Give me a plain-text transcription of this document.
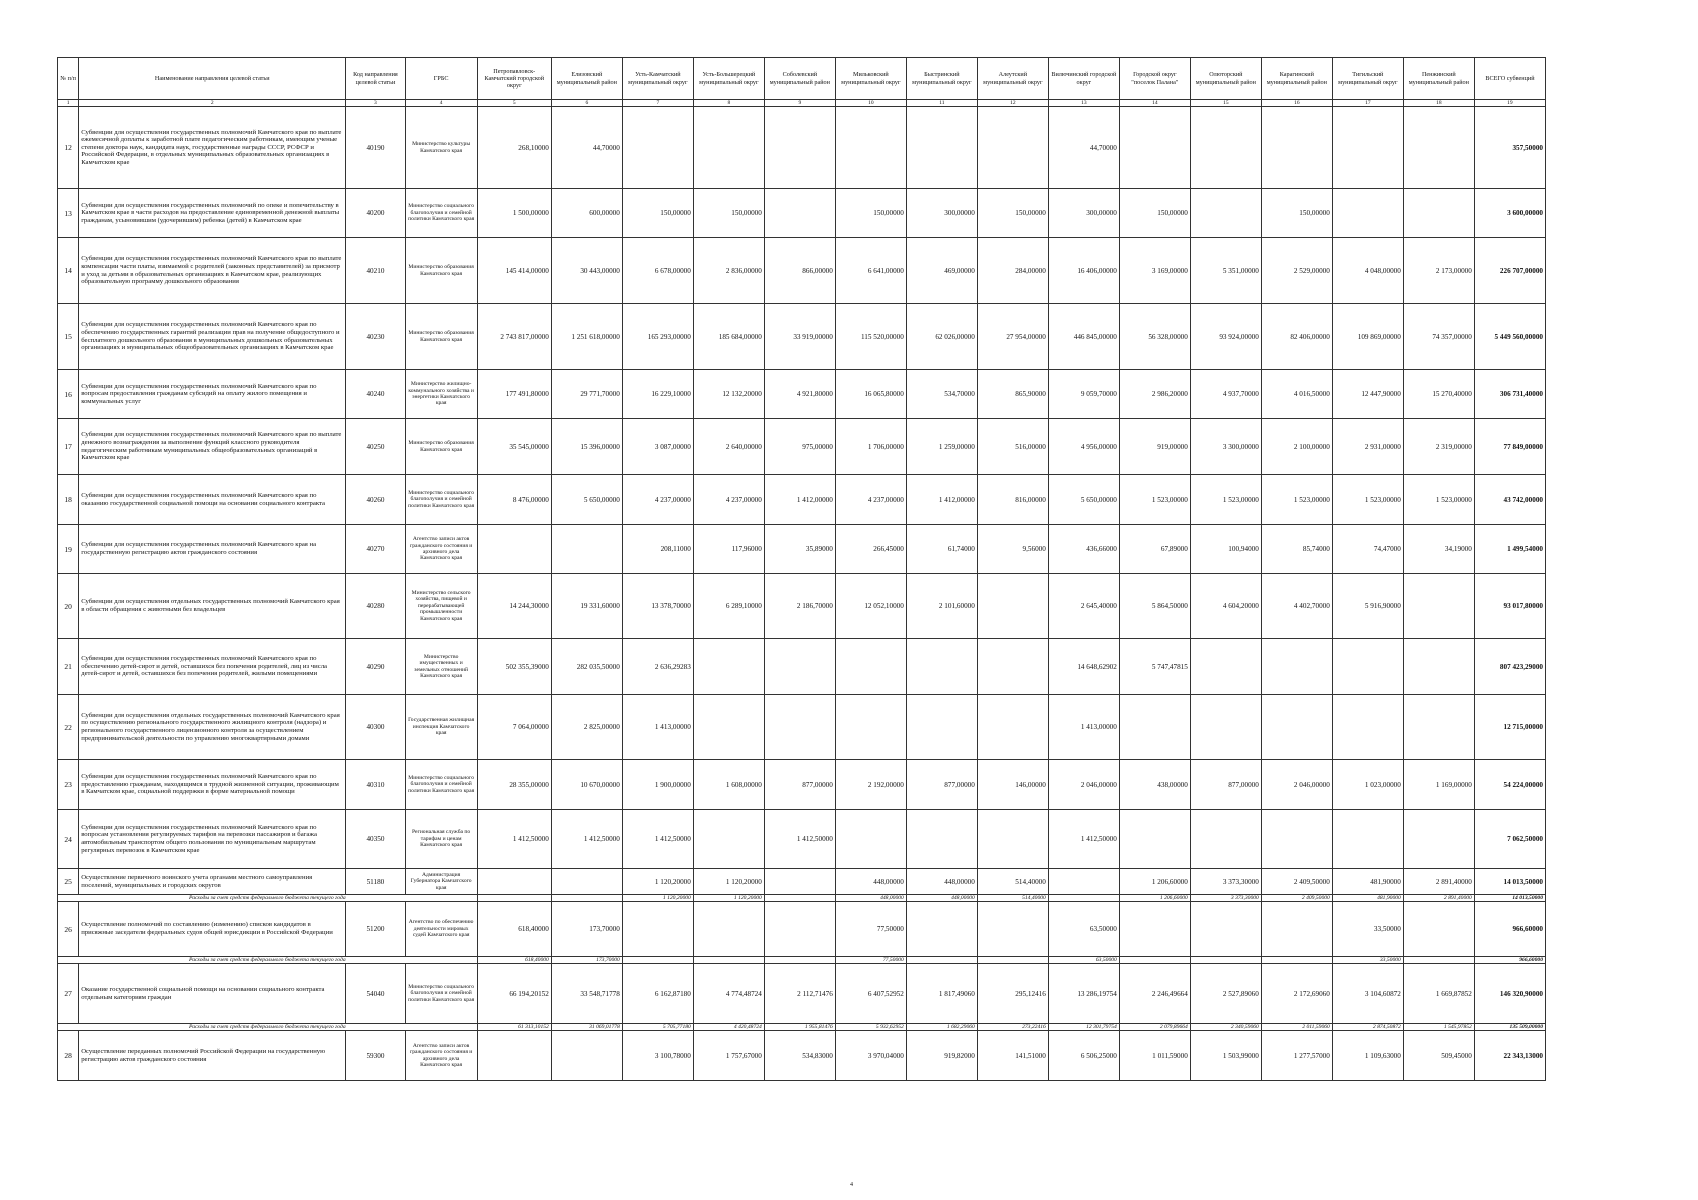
№ п/п	Наименование направления целевой статьи	Код направления целевой статьи	ГРБС	Петропавловск-Камчатский городской округ	Елизовский муниципальный район	Усть-Камчатский муниципальный округ	Усть-Большерецкий муниципальный округ	Соболевский муниципальный район	Мильковский муниципальный округ	Быстринский муниципальный округ	Алеутский муниципальный округ	Вилючинский городской округ	Городской округ "поселок Палана"	Олюторский муниципальный район	Карагинский муниципальный район	Тигильский муниципальный округ	Пенжинский муниципальный район	ВСЕГО субвенций
1	2	3	4	5	6	7	8	9	10	11	12	13	14	15	16	17	18	19
12	Субвенции для осуществления государственных полномочий Камчатского края по выплате ежемесячной доплаты к заработной плате педагогическим работникам, имеющим ученые степени доктора наук, кандидата наук, государственные награды СССР, РСФСР и Российской Федерации, в отдельных муниципальных образовательных организациях в Камчатском крае	40190	Министерство культуры Камчатского края	268,10000	44,70000							44,70000						357,50000
13	Субвенции для осуществления государственных полномочий по опеке и попечительству в Камчатском крае в части расходов на предоставление единовременной денежной выплаты гражданам, усыновившим (удочерившим) ребенка (детей) в Камчатском крае	40200	Министерство социального благополучия и семейной политики Камчатского края	1 500,00000	600,00000	150,00000	150,00000		150,00000	300,00000	150,00000	300,00000	150,00000		150,00000			3 600,00000
14	Субвенции для осуществления государственных полномочий Камчатского края по выплате компенсации части платы, взимаемой с родителей (законных представителей) за присмотр и уход за детьми в образовательных организациях в Камчатском крае, реализующих образовательную программу дошкольного образования	40210	Министерство образования Камчатского края	145 414,00000	30 443,00000	6 678,00000	2 836,00000	866,00000	6 641,00000	469,00000	284,00000	16 406,00000	3 169,00000	5 351,00000	2 529,00000	4 048,00000	2 173,00000	226 707,00000
15	Субвенции для осуществления государственных полномочий Камчатского края по обеспечению государственных гарантий реализации прав на получение общедоступного и бесплатного дошкольного образования в муниципальных дошкольных образовательных организациях и муниципальных общеобразовательных организациях в Камчатском крае	40230	Министерство образования Камчатского края	2 743 817,00000	1 251 618,00000	165 293,00000	185 684,00000	33 919,00000	115 520,00000	62 026,00000	27 954,00000	446 845,00000	56 328,00000	93 924,00000	82 406,00000	109 869,00000	74 357,00000	5 449 560,00000
16	Субвенции для осуществления государственных полномочий Камчатского края по вопросам предоставления гражданам субсидий на оплату жилого помещения и коммунальных услуг	40240	Министерство жилищно-коммунального хозяйства и энергетики Камчатского края	177 491,80000	29 771,70000	16 229,10000	12 132,20000	4 921,80000	16 065,80000	534,70000	865,90000	9 059,70000	2 986,20000	4 937,70000	4 016,50000	12 447,90000	15 270,40000	306 731,40000
17	Субвенции для осуществления государственных полномочий Камчатского края по выплате денежного вознаграждения за выполнение функций классного руководителя педагогическим работникам муниципальных общеобразовательных организаций в Камчатском крае	40250	Министерство образования Камчатского края	35 545,00000	15 396,00000	3 087,00000	2 640,00000	975,00000	1 706,00000	1 259,00000	516,00000	4 956,00000	919,00000	3 300,00000	2 100,00000	2 931,00000	2 319,00000	77 849,00000
18	Субвенции для осуществления государственных полномочий Камчатского края по оказанию государственной социальной помощи на основании социального контракта	40260	Министерство социального благополучия и семейной политики Камчатского края	8 476,00000	5 650,00000	4 237,00000	4 237,00000	1 412,00000	4 237,00000	1 412,00000	816,00000	5 650,00000	1 523,00000	1 523,00000	1 523,00000	1 523,00000	1 523,00000	43 742,00000
19	Субвенции для осуществления государственных полномочий Камчатского края на государственную регистрацию актов гражданского состояния	40270	Агентство записи актов гражданского состояния и архивного дела Камчатского края			208,11000	117,96000	35,89000	266,45000	61,74000	9,56000	436,66000	67,89000	100,94000	85,74000	74,47000	34,19000	1 499,54000
20	Субвенции для осуществления отдельных государственных полномочий Камчатского края в области обращения с животными без владельцев	40280	Министерство сельского хозяйства, пищевой и перерабатывающей промышленности Камчатского края	14 244,30000	19 331,60000	13 378,70000	6 289,10000	2 186,70000	12 052,10000	2 101,60000		2 645,40000	5 864,50000	4 604,20000	4 402,70000	5 916,90000		93 017,80000
21	Субвенции для осуществления государственных полномочий Камчатского края по обеспечению детей-сирот и детей, оставшихся без попечения родителей, лиц из числа детей-сирот и детей, оставшихся без попечения родителей, жилыми помещениями	40290	Министерство имущественных и земельных отношений Камчатского края	502 355,39000	282 035,50000	2 636,29283						14 648,62902	5 747,47815					807 423,29000
22	Субвенции для осуществления отдельных государственных полномочий Камчатского края по осуществлению регионального государственного жилищного контроля (надзора) и регионального государственного лицензионного контроля за осуществлением предпринимательской деятельности по управлению многоквартирными домами	40300	Государственная жилищная инспекция Камчатского края	7 064,00000	2 825,00000	1 413,00000						1 413,00000						12 715,00000
23	Субвенции для осуществления государственных полномочий Камчатского края по предоставлению гражданам, находящимся в трудной жизненной ситуации, проживающим в Камчатском крае, социальной поддержки в форме материальной помощи	40310	Министерство социального благополучия и семейной политики Камчатского края	28 355,00000	10 670,00000	1 900,00000	1 608,00000	877,00000	2 192,00000	877,00000	146,00000	2 046,00000	438,00000	877,00000	2 046,00000	1 023,00000	1 169,00000	54 224,00000
24	Субвенции для осуществления государственных полномочий Камчатского края по вопросам установления регулируемых тарифов на перевозки пассажиров и багажа автомобильным транспортом общего пользования по муниципальным маршрутам регулярных перевозок в Камчатском крае	40350	Региональная служба по тарифам и ценам Камчатского края	1 412,50000	1 412,50000	1 412,50000		1 412,50000				1 412,50000						7 062,50000
25	Осуществление первичного воинского учета органами местного самоуправления поселений, муниципальных и городских округов	51180	Администрация Губернатора Камчатского края			1 120,20000	1 120,20000		448,00000	448,00000	514,40000		1 206,60000	3 373,30000	2 409,50000	481,90000	2 891,40000	14 013,50000
Расходы за счет средств федерального бюджета текущего года						1 120,20000	1 120,20000		448,00000	448,00000	514,40000		1 206,60000	3 373,30000	2 409,50000	481,90000	2 891,40000	14 013,50000
26	Осуществление полномочий по составлению (изменению) списков кандидатов в присяжные заседатели федеральных судов общей юрисдикции в Российской Федерации	51200	Агентство по обеспечению деятельности мировых судей Камчатского края	618,40000	173,70000				77,50000			63,50000				33,50000		966,60000
Расходы за счет средств федерального бюджета текущего года				618,40000	173,70000				77,50000			63,50000				33,50000		966,60000
27	Оказание государственной социальной помощи на основании социального контракта отдельным категориям граждан	54040	Министерство социального благополучия и семейной политики Камчатского края	66 194,20152	33 548,71778	6 162,87180	4 774,48724	2 112,71476	6 407,52952	1 817,49060	295,12416	13 286,19754	2 246,49664	2 527,89060	2 172,69060	3 104,60872	1 669,87852	146 320,90000
Расходы за счет средств федерального бюджета текущего года				61 313,10152	31 069,01778	5 705,77180	4 420,48724	1 955,81476	5 932,62952	1 682,29060	273,22416	12 301,79754	2 079,89664	2 340,59060	2 011,59060	2 874,50872	1 545,97852	135 509,00000
28	Осуществление переданных полномочий Российской Федерации на государственную регистрацию актов гражданского состояния	59300	Агентство записи актов гражданского состояния и архивного дела Камчатского края			3 100,78000	1 757,67000	534,83000	3 970,04000	919,82000	141,51000	6 506,25000	1 011,59000	1 503,99000	1 277,57000	1 109,63000	509,45000	22 343,13000
4
